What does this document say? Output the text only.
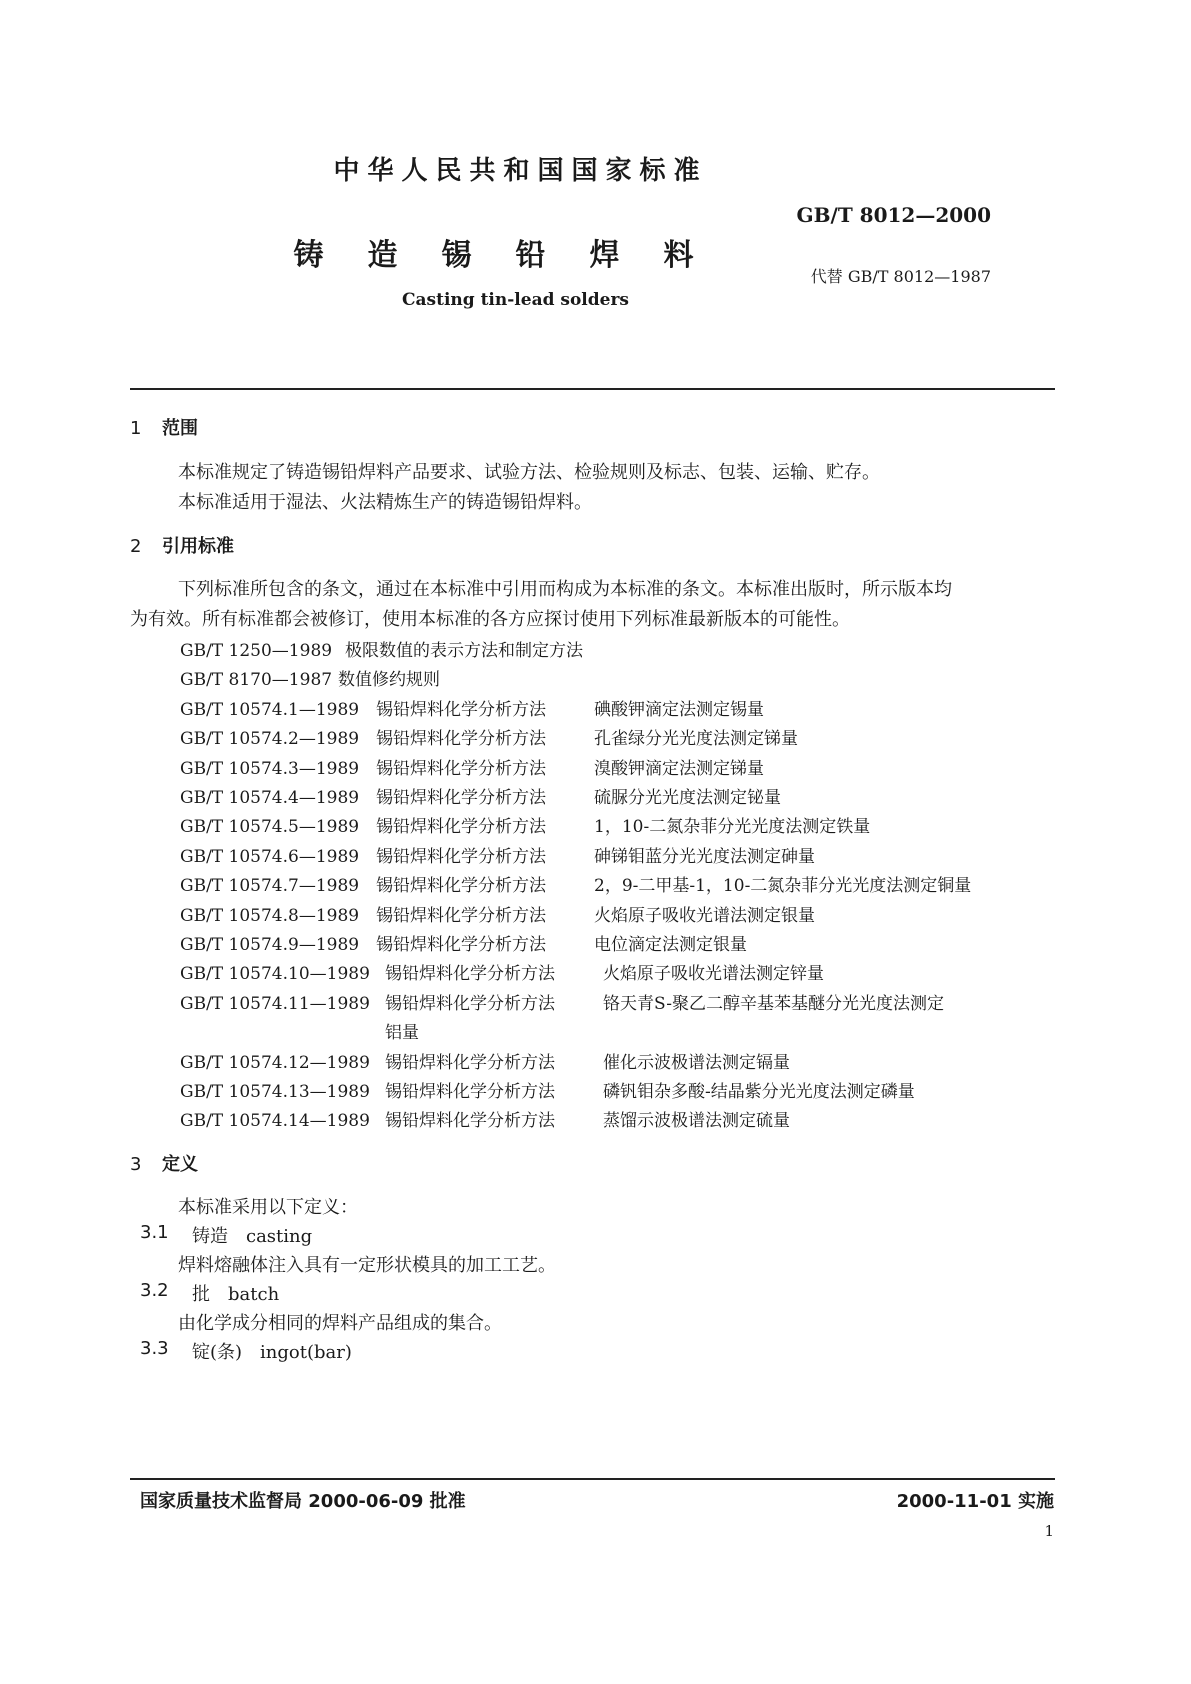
中华人民共和国国家标准
GB/T 8012—2000
铸造锡铅焊料
代替 GB/T 8012—1987
Casting tin-lead solders
1 范围
本标准规定了铸造锡铅焊料产品要求、试验方法、检验规则及标志、包装、运输、贮存。
本标准适用于湿法、火法精炼生产的铸造锡铅焊料。
2 引用标准
下列标准所包含的条文，通过在本标准中引用而构成为本标准的条文。本标准出版时，所示版本均
为有效。所有标准都会被修订，使用本标准的各方应探讨使用下列标准最新版本的可能性。
GB/T 1250—1989 极限数值的表示方法和制定方法
GB/T 8170—1987 数值修约规则
GB/T 10574.1—1989 锡铅焊料化学分析方法	碘酸钾滴定法测定锡量
GB/T 10574.2—1989 锡铅焊料化学分析方法	孔雀绿分光光度法测定锑量
GB/T 10574.3—1989 锡铅焊料化学分析方法	溴酸钾滴定法测定锑量
GB/T 10574.4—1989 锡铅焊料化学分析方法	硫脲分光光度法测定铋量
GB/T 10574.5—1989 锡铅焊料化学分析方法	1，10-二氮杂菲分光光度法测定铁量
GB/T 10574.6—1989 锡铅焊料化学分析方法	砷锑钼蓝分光光度法测定砷量
GB/T 10574.7—1989 锡铅焊料化学分析方法	2，9-二甲基-1，10-二氮杂菲分光光度法测定铜量
GB/T 10574.8—1989 锡铅焊料化学分析方法	火焰原子吸收光谱法测定银量
GB/T 10574.9—1989 锡铅焊料化学分析方法	电位滴定法测定银量
GB/T 10574.10—1989 锡铅焊料化学分析方法	火焰原子吸收光谱法测定锌量
GB/T 10574.11—1989 锡铅焊料化学分析方法	铬天青S-聚乙二醇辛基苯基醚分光光度法测定
铝量
GB/T 10574.12—1989 锡铅焊料化学分析方法	催化示波极谱法测定镉量
GB/T 10574.13—1989 锡铅焊料化学分析方法	磷钒钼杂多酸-结晶紫分光光度法测定磷量
GB/T 10574.14—1989 锡铅焊料化学分析方法	蒸馏示波极谱法测定硫量
3 定义
本标准采用以下定义：
3.1 铸造　casting
焊料熔融体注入具有一定形状模具的加工工艺。
3.2 批　batch
由化学成分相同的焊料产品组成的集合。
3.3 锭(条)　ingot(bar)
国家质量技术监督局 2000-06-09 批准	2000-11-01 实施
1
